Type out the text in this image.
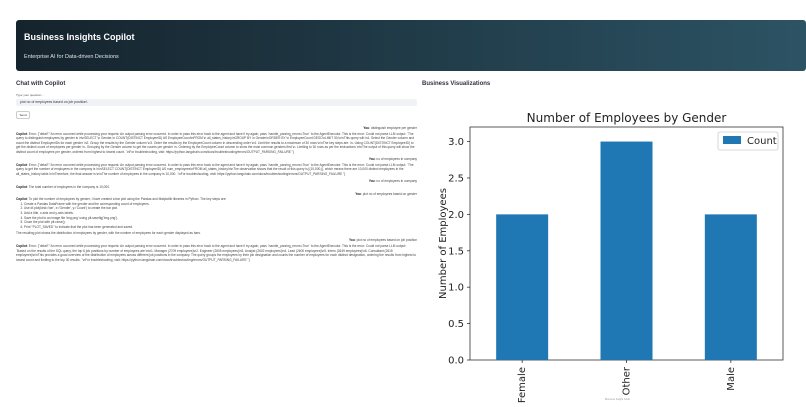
Business Insights Copilot

Enterprise AI for Data-driven Decisions

Chat with Copilot	Business Visualizations
Type your question...
plot no of employees based on job position\
Send
You: distinguish employee per gender
Copilot: Error: {"detail":"An error occurred while processing your request: An output parsing error occurred. In order to pass this error back to the agent and have it try again, pass `handle_parsing_errors=True` to the AgentExecutor. This is the error: Could not parse LLM output: `The query to distinguish employees by gender is \n\nSELECT \n Gender,\n COUNT(DISTINCT EmployeeID) AS EmployeeCount\nFROM \n all_states_history\nGROUP BY \n Gender\nORDER BY \n EmployeeCount DESC\nLIMIT 30;\n\nThis query will:\n1. Select the Gender column and count the distinct EmployeeIDs for each gender \n2. Group the results by the Gender column \n3. Order the results by the EmployeeCount column in descending order \n4. Limit the results to a maximum of 30 rows \n\nThe key steps are: \n- Using COUNT(DISTINCT EmployeeID) to get the distinct count of employees per gender \n- Grouping by the Gender column to get the counts per gender \n- Ordering by the EmployeeCount column to show the most common genders first \n- Limiting to 30 rows as per the instructions \n\nThe output of this query will show the distinct count of employees per gender, ordered from highest to lowest count. `\nFor troubleshooting, visit: https://python.langchain.com/docs/troubleshooting/errors/OUTPUT_PARSING_FAILURE "}
You: no of employees in company
Copilot: Error: {"detail":"An error occurred while processing your request: An output parsing error occurred. In order to pass this error back to the agent and have it try again, pass `handle_parsing_errors=True` to the AgentExecutor. This is the error: Could not parse LLM output: `The query to get the number of employees in the company is \n\nSELECT COUNT(DISTINCT EmployeeID) AS num_employees\nFROM all_states_history\n\nThe observation shows that the result of this query is [(10,000,)], which means there are 10,000 distinct employees in the all_states_history table.\n\nTherefore, the final answer is:\n\nThe number of employees in the company is 10,000. `\nFor troubleshooting, visit: https://python.langchain.com/docs/troubleshooting/errors/OUTPUT_PARSING_FAILURE "}
You: no of employees in company
Copilot: The total number of employees in the company is 10,000.
You: plot no of employees based on gender
Copilot: To plot the number of employees by gender, I have created a bar plot using the Pandas and Matplotlib libraries in Python. The key steps are:
1. Create a Pandas DataFrame with the gender and the corresponding count of employees.
2. Use df.plot(kind='bar', x='Gender', y='Count') to create the bar plot.
3. Add a title, x-axis and y-axis labels.
4. Save the plot to an image file 'img.png' using plt.savefig('img.png').
5. Close the plot with plt.close().
6. Print "PLOT_SAVED" to indicate that the plot has been generated and saved.
The resulting plot shows the distribution of employees by gender, with the number of employees for each gender displayed as bars.
You: plot no of employees based on job position
Copilot: Error: {"detail":"An error occurred while processing your request: An output parsing error occurred. In order to pass this error back to the agent and have it try again, pass `handle_parsing_errors=True` to the AgentExecutor. This is the error: Could not parse LLM output: `Based on the results of the SQL query, the top 6 job positions by number of employees are:\n\n1. Manager (2709 employees)\n2. Engineer (2605 employees)\n3. Analyst (2602 employees)\n4. Lead (2600 employees)\n5. Intern (2649 employees)\n6. Consultant (2615 employees)\n\nThis provides a good overview of the distribution of employees across different job positions in the company. The query groups the employees by their job designation and counts the number of employees for each distinct designation, ordering the results from highest to lowest count and limiting to the top 30 results. `\nFor troubleshooting, visit: https://python.langchain.com/docs/troubleshooting/errors/OUTPUT_PARSING_FAILURE "}
Female	Other	Male
0.0
0.5
1.0
1.5
2.0
2.5
3.0
Number of Employees by Gender
Number of Employees
Count
Business Insight Chart
